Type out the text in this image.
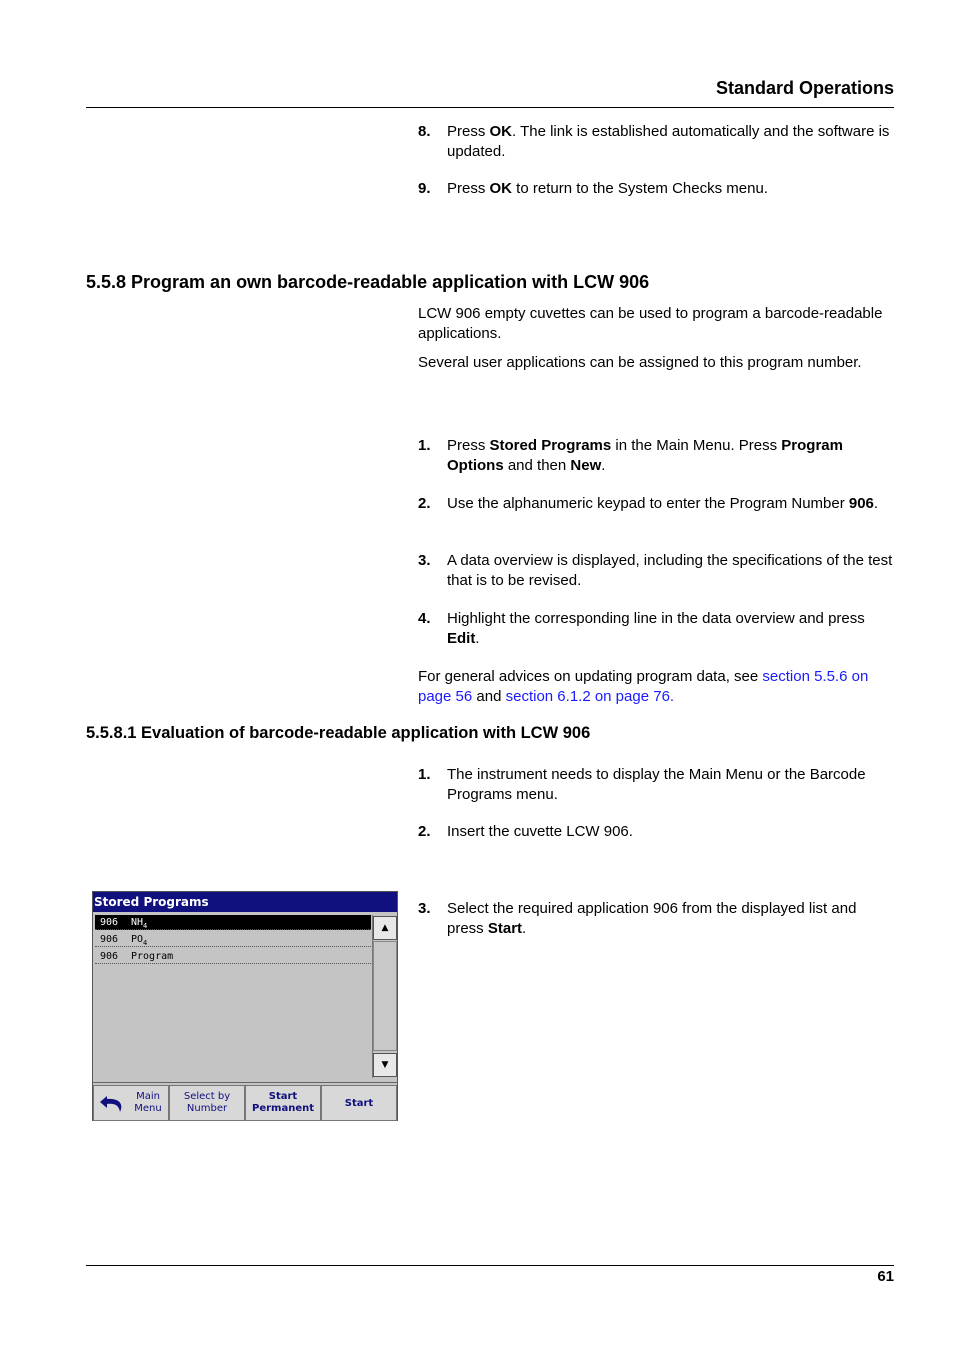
Standard Operations
8. Press OK. The link is established automatically and the software is updated.
9. Press OK to return to the System Checks menu.
5.5.8 Program an own barcode-readable application with LCW 906
LCW 906 empty cuvettes can be used to program a barcode-readable applications.
Several user applications can be assigned to this program number.
1. Press Stored Programs in the Main Menu. Press Program Options and then New.
2. Use the alphanumeric keypad to enter the Program Number 906.
3. A data overview is displayed, including the specifications of the test that is to be revised.
4. Highlight the corresponding line in the data overview and press Edit.
For general advices on updating program data, see section 5.5.6 on page 56 and section 6.1.2 on page 76.
5.5.8.1 Evaluation of barcode-readable application with LCW 906
1. The instrument needs to display the Main Menu or the Barcode Programs menu.
2. Insert the cuvette LCW 906.
3. Select the required application 906 from the displayed list and press Start.
Stored Programs
906 $NH_4$
906 $PO_4$
906 Program
▲
▼
Main
Menu
Select by
Number
Start
Permanent	Start
61
